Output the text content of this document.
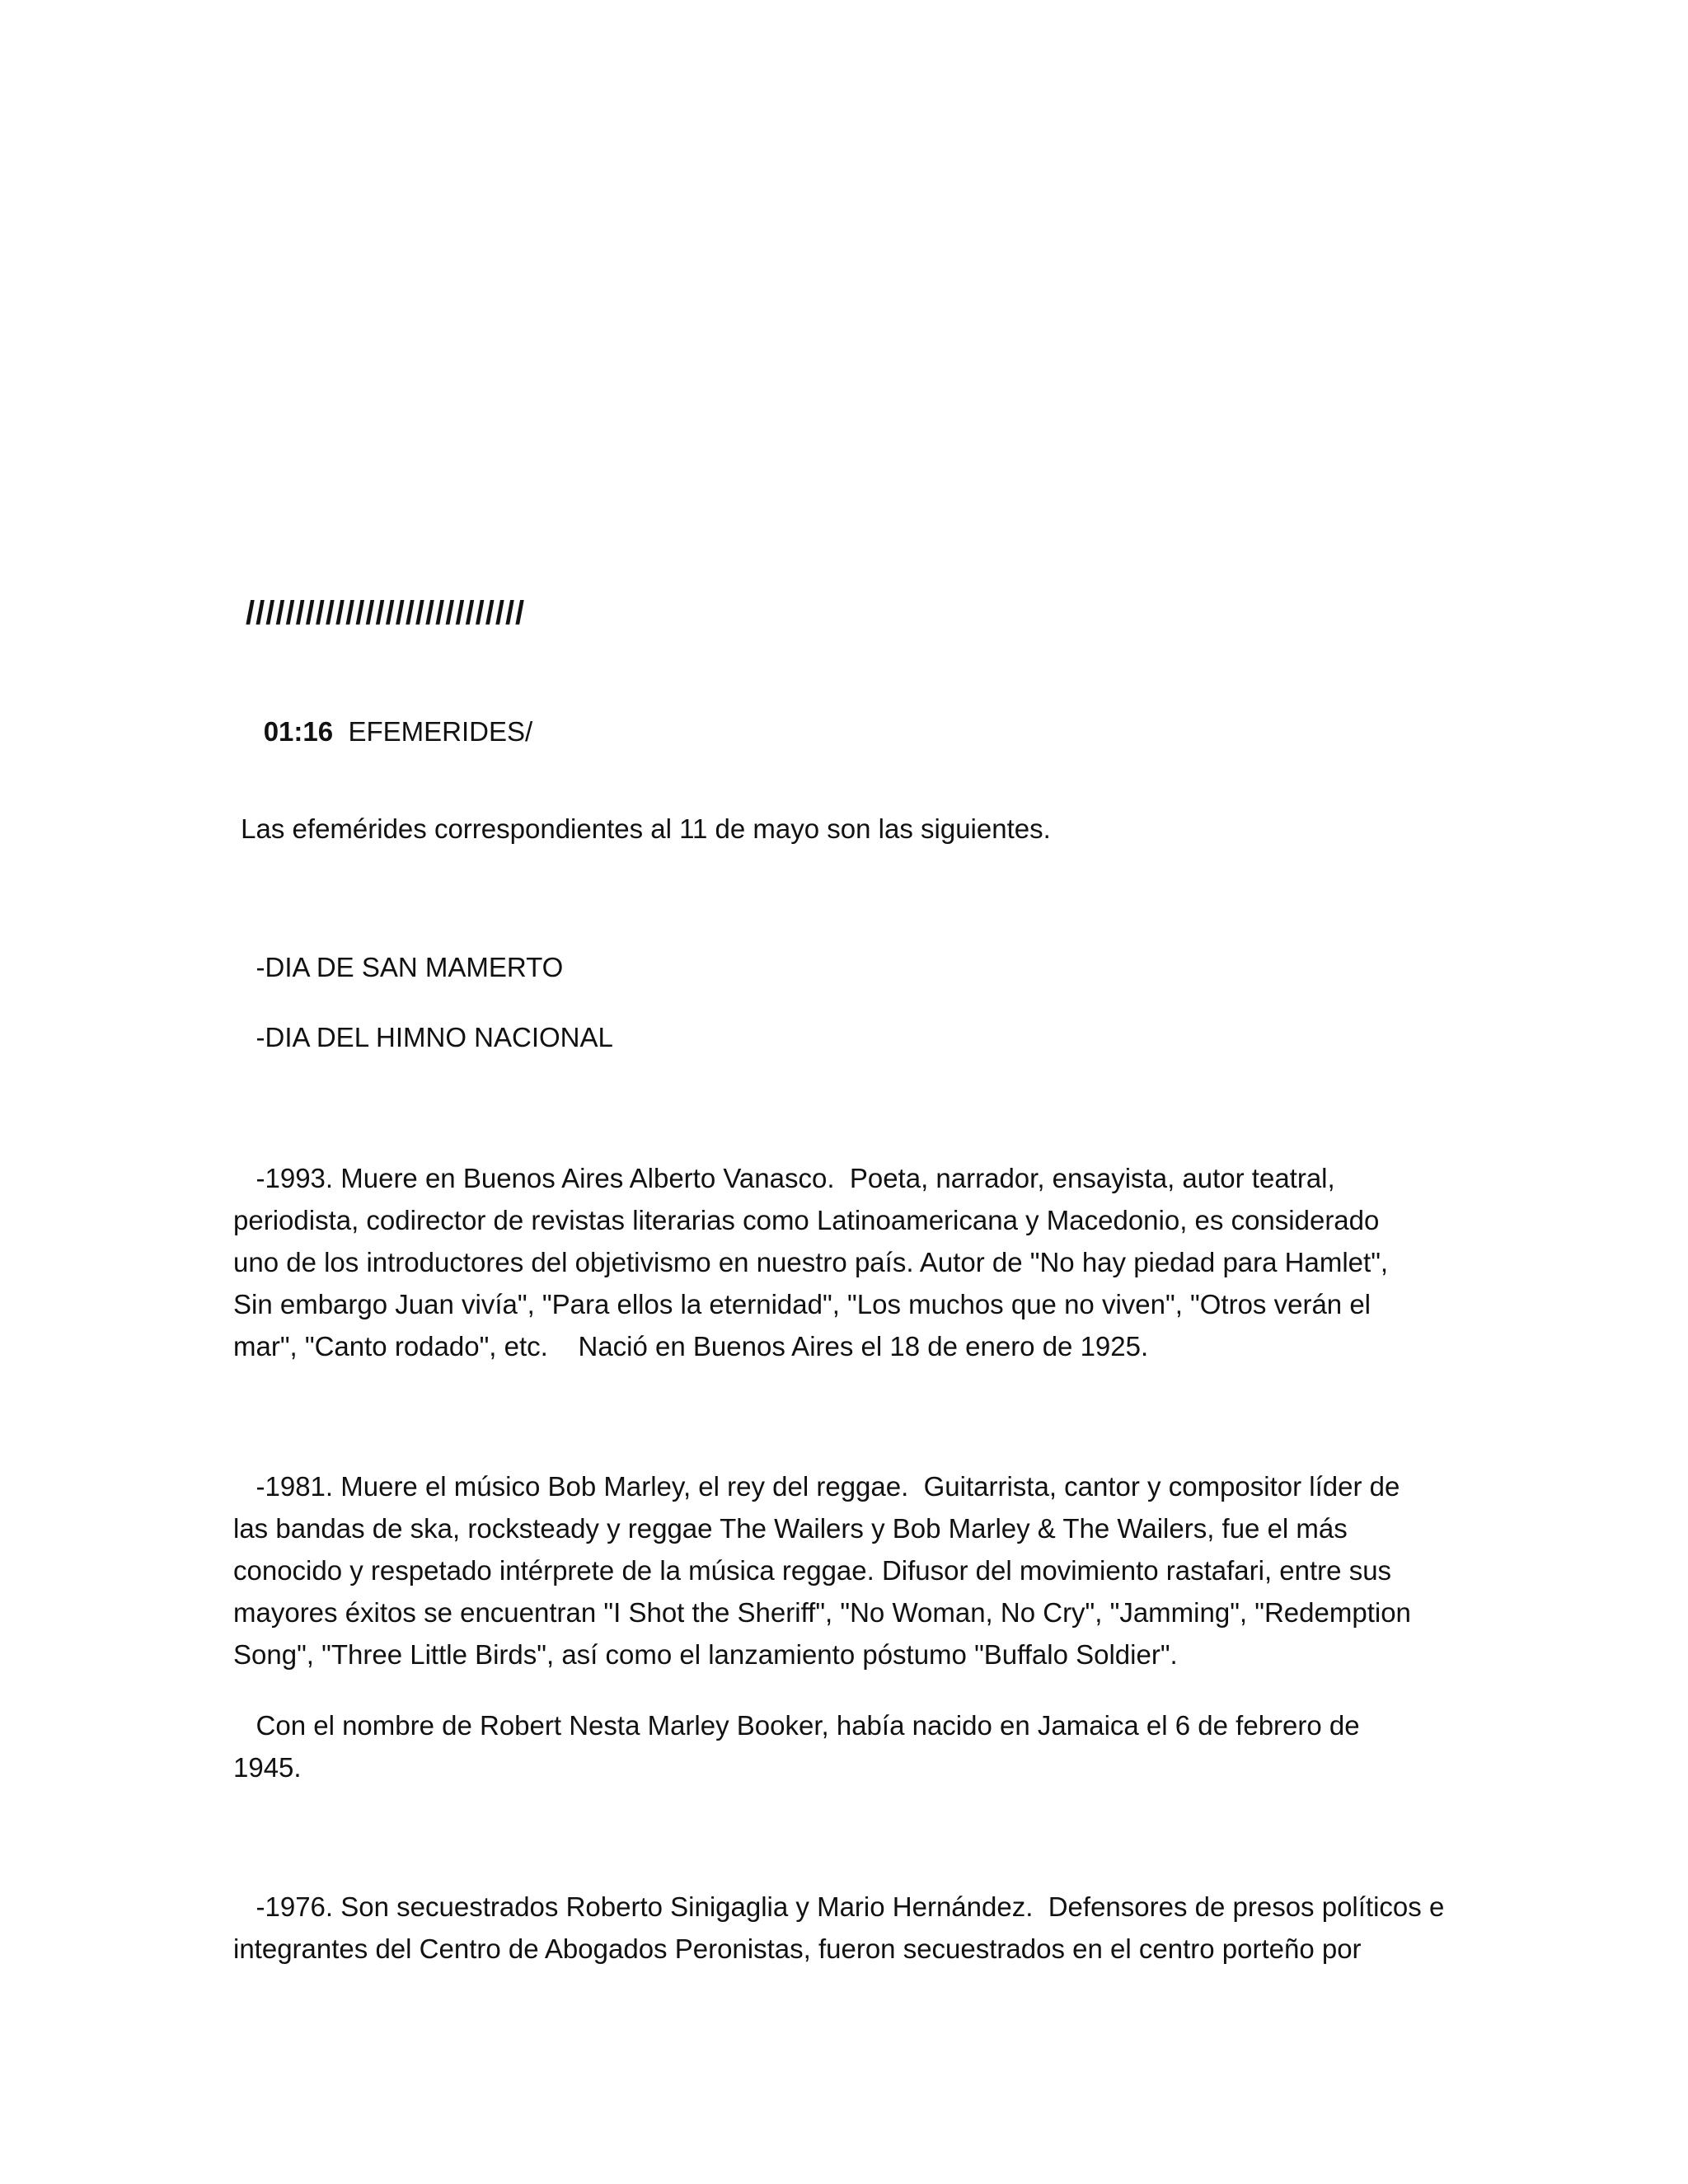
////////////////////////////

01:16 EFEMERIDES/

Las efemérides correspondientes al 11 de mayo son las siguientes.
-DIA DE SAN MAMERTO
-DIA DEL HIMNO NACIONAL
-1993. Muere en Buenos Aires Alberto Vanasco.  Poeta, narrador, ensayista, autor teatral,
periodista, codirector de revistas literarias como Latinoamericana y Macedonio, es considerado
uno de los introductores del objetivismo en nuestro país. Autor de "No hay piedad para Hamlet",
Sin embargo Juan vivía", "Para ellos la eternidad", "Los muchos que no viven", "Otros verán el
mar", "Canto rodado", etc.    Nació en Buenos Aires el 18 de enero de 1925.
-1981. Muere el músico Bob Marley, el rey del reggae.  Guitarrista, cantor y compositor líder de
las bandas de ska, rocksteady y reggae The Wailers y Bob Marley & The Wailers, fue el más
conocido y respetado intérprete de la música reggae. Difusor del movimiento rastafari, entre sus
mayores éxitos se encuentran "I Shot the Sheriff", "No Woman, No Cry", "Jamming", "Redemption
Song", "Three Little Birds", así como el lanzamiento póstumo "Buffalo Soldier".
Con el nombre de Robert Nesta Marley Booker, había nacido en Jamaica el 6 de febrero de
1945.
-1976. Son secuestrados Roberto Sinigaglia y Mario Hernández.  Defensores de presos políticos e
integrantes del Centro de Abogados Peronistas, fueron secuestrados en el centro porteño por
